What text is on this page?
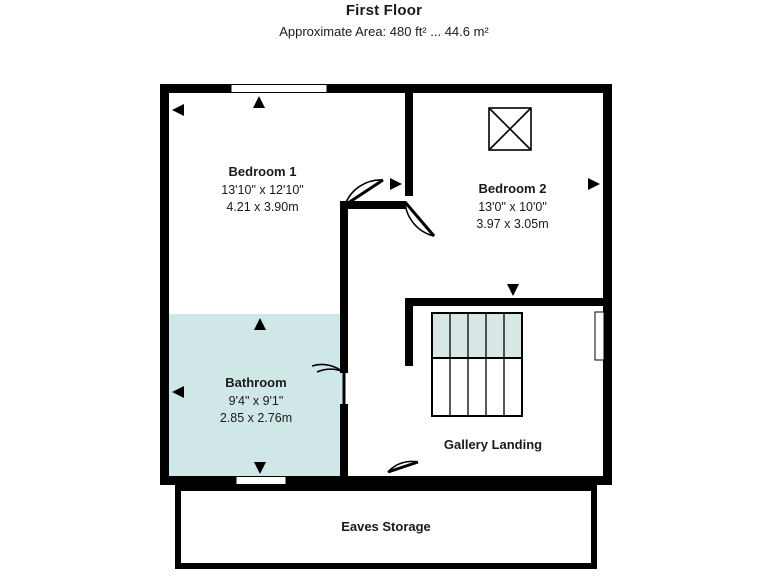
First Floor
Approximate Area: 480 ft² ... 44.6 m²
Bedroom 1
13'10" x 12'10"
4.21 x 3.90m
Bedroom 2
13'0" x 10'0"
3.97 x 3.05m
Bathroom
9'4" x 9'1"
2.85 x 2.76m
Gallery Landing
Eaves Storage
